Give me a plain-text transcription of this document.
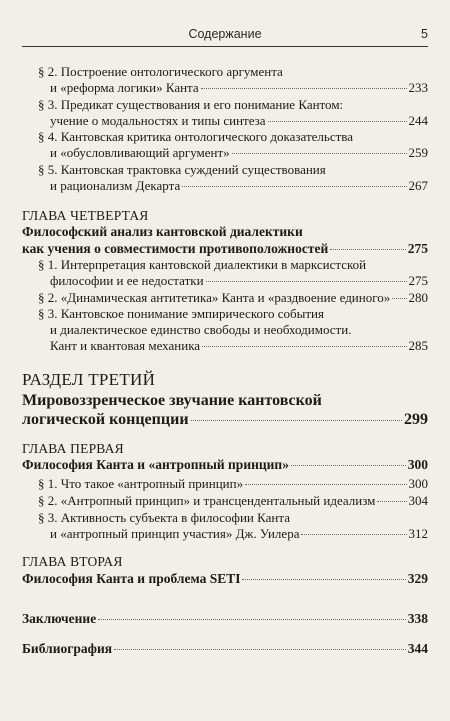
Содержание	5
§ 2. Построение онтологического аргумента
и «реформа логики» Канта	233
§ 3. Предикат существования и его понимание Кантом:
учение о модальностях и типы синтеза	244
§ 4. Кантовская критика онтологического доказательства
и «обусловливающий аргумент»	259
§ 5. Кантовская трактовка суждений существования
и рационализм Декарта	267
ГЛАВА ЧЕТВЕРТАЯ
Философский анализ кантовской диалектики
как учения о совместимости противоположностей	275
§ 1. Интерпретация кантовской диалектики в марксистской
философии и ее недостатки	275
§ 2. «Динамическая антитетика» Канта и «раздвоение единого» 280
§ 3. Кантовское понимание эмпирического события
и диалектическое единство свободы и необходимости.
Кант и квантовая механика	285
РАЗДЕЛ ТРЕТИЙ
Мировоззренческое звучание кантовской
логической концепции	299
ГЛАВА ПЕРВАЯ
Философия Канта и «антропный принцип»	300
§ 1. Что такое «антропный принцип»	300
§ 2. «Антропный принцип» и трансцендентальный идеализм	304
§ 3. Активность субъекта в философии Канта
и «антропный принцип участия» Дж. Уилера	312
ГЛАВА ВТОРАЯ
Философия Канта и проблема SETI	329
Заключение	338
Библиография	344
